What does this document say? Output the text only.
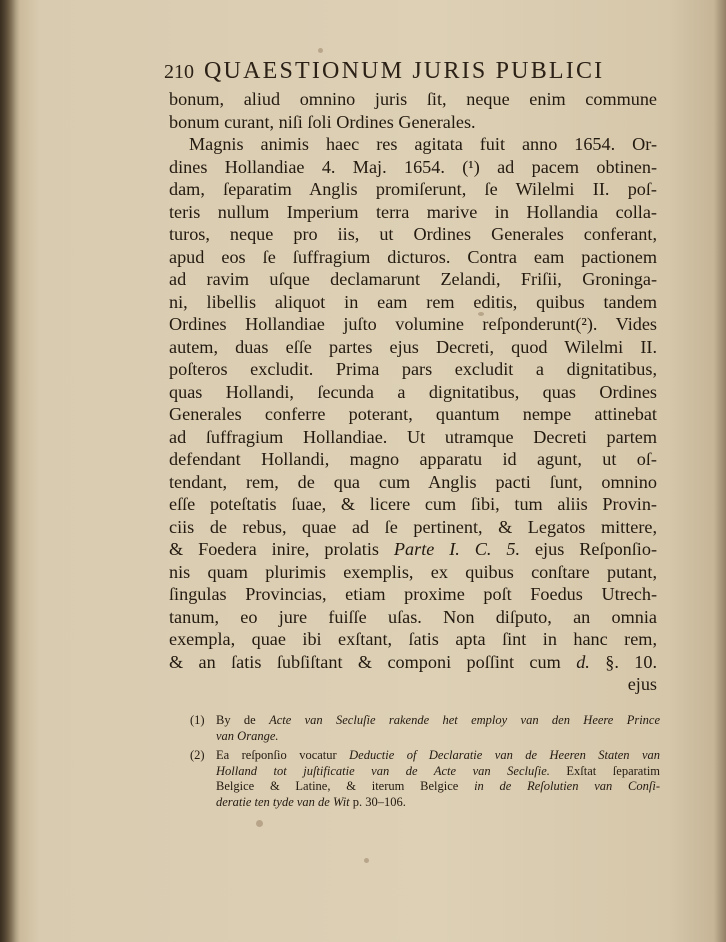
210 QUAESTIONUM JURIS PUBLICI
bonum, aliud omnino juris ſit, neque enim commune
bonum curant, niſi ſoli Ordines Generales.
Magnis animis haec res agitata fuit anno 1654. Or-
dines Hollandiae 4. Maj. 1654. (¹) ad pacem obtinen-
dam, ſeparatim Anglis promiſerunt, ſe Wilelmi II. poſ-
teris nullum Imperium terra marive in Hollandia colla-
turos, neque pro iis, ut Ordines Generales conferant,
apud eos ſe ſuffragium dicturos. Contra eam pactionem
ad ravim uſque declamarunt Zelandi, Friſii, Groninga-
ni, libellis aliquot in eam rem editis, quibus tandem
Ordines Hollandiae juſto volumine reſponderunt(²). Vides
autem, duas eſſe partes ejus Decreti, quod Wilelmi II.
poſteros excludit. Prima pars excludit a dignitatibus,
quas Hollandi, ſecunda a dignitatibus, quas Ordines
Generales conferre poterant, quantum nempe attinebat
ad ſuffragium Hollandiae. Ut utramque Decreti partem
defendant Hollandi, magno apparatu id agunt, ut oſ-
tendant, rem, de qua cum Anglis pacti ſunt, omnino
eſſe poteſtatis ſuae, & licere cum ſibi, tum aliis Provin-
ciis de rebus, quae ad ſe pertinent, & Legatos mittere,
& Foedera inire, prolatis Parte I. C. 5. ejus Reſponſio-
nis quam plurimis exemplis, ex quibus conſtare putant,
ſingulas Provincias, etiam proxime poſt Foedus Utrech-
tanum, eo jure fuiſſe uſas. Non diſputo, an omnia
exempla, quae ibi exſtant, ſatis apta ſint in hanc rem,
& an ſatis ſubſiſtant & componi poſſint cum d. §. 10.
ejus
(1) By de Acte van Secluſie rakende het employ van den Heere Prince
van Orange.
(2) Ea reſponſio vocatur Deductie of Declaratie van de Heeren Staten van
Holland tot juſtificatie van de Acte van Secluſie. Exſtat ſeparatim
Belgice & Latine, & iterum Belgice in de Reſolutien van Conſi-
deratie ten tyde van de Wit p. 30–106.
